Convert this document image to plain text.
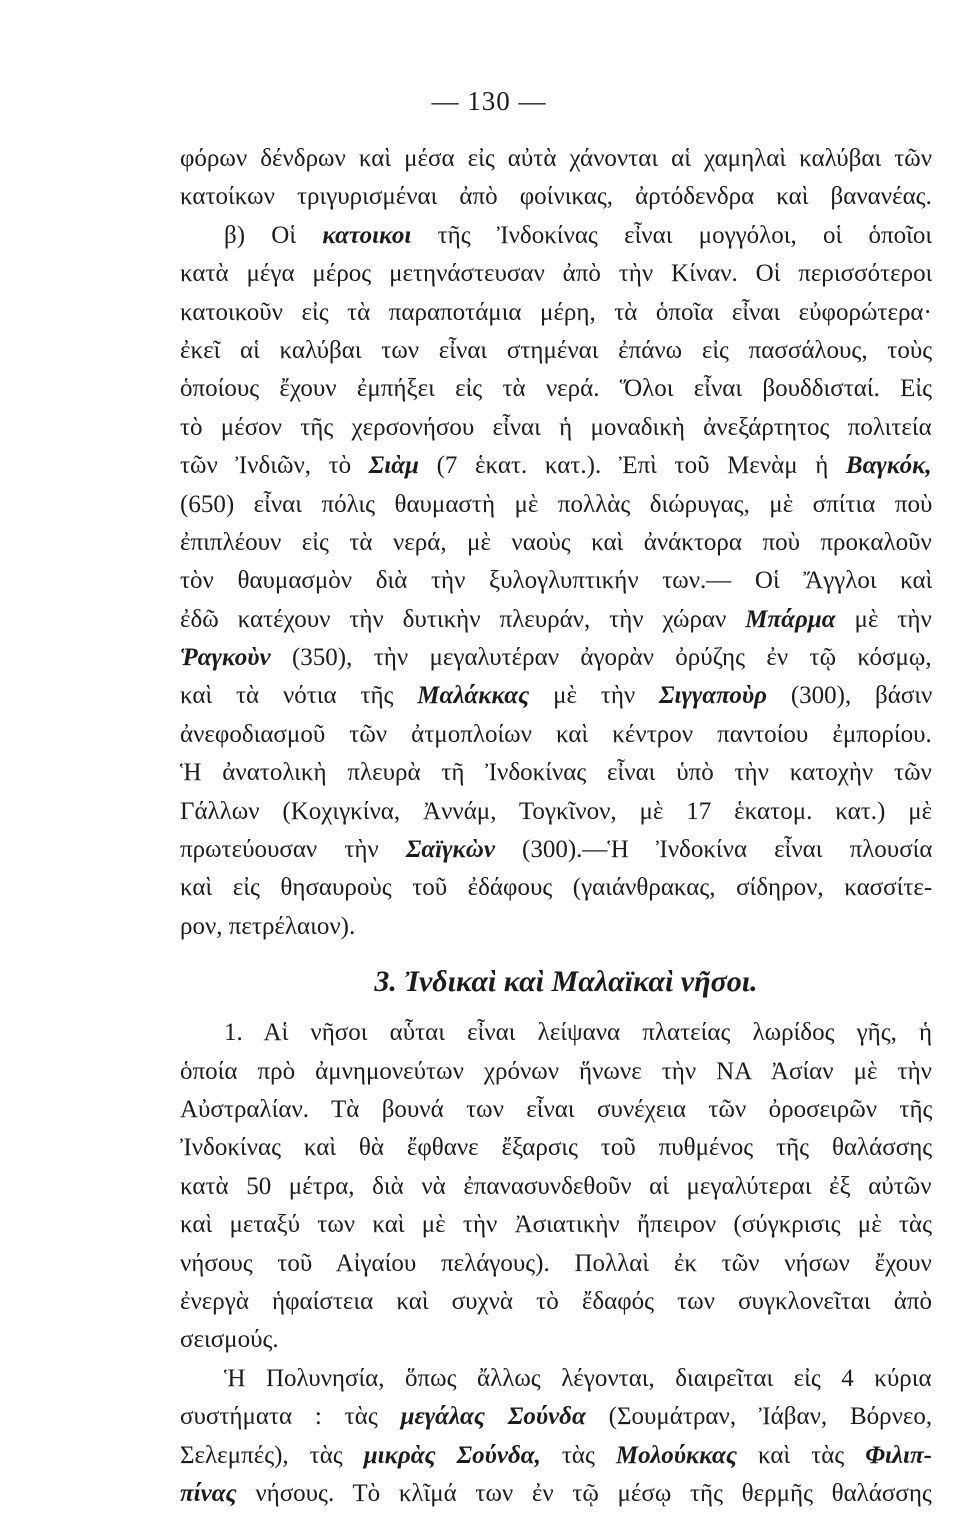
— 130 —
φόρων δένδρων καὶ μέσα εἰς αὐτὰ χάνονται αἱ χαμηλαὶ καλύβαι τῶν
κατοίκων τριγυρισμέναι ἀπὸ φοίνικας, ἀρτόδενδρα καὶ βανανέας.
β) Οἱ κατοικοι τῆς Ἰνδοκίνας εἶναι μογγόλοι, οἱ ὁποῖοι
κατὰ μέγα μέρος μετηνάστευσαν ἀπὸ τὴν Κίναν. Οἱ περισσότεροι
κατοικοῦν εἰς τὰ παραποτάμια μέρη, τὰ ὁποῖα εἶναι εὐφορώτερα·
ἐκεῖ αἱ καλύβαι των εἶναι στημέναι ἐπάνω εἰς πασσάλους, τοὺς
ὁποίους ἔχουν ἐμπήξει εἰς τὰ νερά. Ὅλοι εἶναι βουδδισταί. Εἰς
τὸ μέσον τῆς χερσονήσου εἶναι ἡ μοναδικὴ ἀνεξάρτητος πολιτεία
τῶν Ἰνδιῶν, τὸ Σιὰμ (7 ἑκατ. κατ.). Ἐπὶ τοῦ Μενὰμ ἡ Βαγκόκ,
(650) εἶναι πόλις θαυμαστὴ μὲ πολλὰς διώρυγας, μὲ σπίτια ποὺ
ἐπιπλέουν εἰς τὰ νερά, μὲ ναοὺς καὶ ἀνάκτορα ποὺ προκαλοῦν
τὸν θαυμασμὸν διὰ τὴν ξυλογλυπτικήν των.— Οἱ Ἄγγλοι καὶ
ἐδῶ κατέχουν τὴν δυτικὴν πλευράν, τὴν χώραν Μπάρμα μὲ τὴν
Ῥαγκοὺν (350), τὴν μεγαλυτέραν ἀγορὰν ὀρύζης ἐν τῷ κόσμῳ,
καὶ τὰ νότια τῆς Μαλάκκας μὲ τὴν Σιγγαποὺρ (300), βάσιν
ἀνεφοδιασμοῦ τῶν ἀτμοπλοίων καὶ κέντρον παντοίου ἐμπορίου.
Ἡ ἀνατολικὴ πλευρὰ τῆ Ἰνδοκίνας εἶναι ὑπὸ τὴν κατοχὴν τῶν
Γάλλων (Κοχιγκίνα, Ἀννάμ, Τογκῖνον, μὲ 17 ἑκατομ. κατ.) μὲ
πρωτεύουσαν τὴν Σαϊγκὼν (300).—Ἡ Ἰνδοκίνα εἶναι πλουσία
καὶ εἰς θησαυροὺς τοῦ ἐδάφους (γαιάνθρακας, σίδηρον, κασσίτε-
ρον, πετρέλαιον).
3. Ἰνδικαὶ καὶ Μαλαϊκαὶ νῆσοι.
1. Αἱ νῆσοι αὗται εἶναι λείψανα πλατείας λωρίδος γῆς, ἡ
ὁποία πρὸ ἀμνημονεύτων χρόνων ἥνωνε τὴν ΝΑ Ἀσίαν μὲ τὴν
Αὐστραλίαν. Τὰ βουνά των εἶναι συνέχεια τῶν ὀροσειρῶν τῆς
Ἰνδοκίνας καὶ θὰ ἔφθανε ἔξαρσις τοῦ πυθμένος τῆς θαλάσσης
κατὰ 50 μέτρα, διὰ νὰ ἐπανασυνδεθοῦν αἱ μεγαλύτεραι ἐξ αὐτῶν
καὶ μεταξύ των καὶ μὲ τὴν Ἀσιατικὴν ἤπειρον (σύγκρισις μὲ τὰς
νήσους τοῦ Αἰγαίου πελάγους). Πολλαὶ ἐκ τῶν νήσων ἔχουν
ἐνεργὰ ἡφαίστεια καὶ συχνὰ τὸ ἔδαφός των συγκλονεῖται ἀπὸ
σεισμούς.
Ἡ Πολυνησία, ὅπως ἄλλως λέγονται, διαιρεῖται εἰς 4 κύρια
συστήματα : τὰς μεγάλας Σούνδα (Σουμάτραν, Ἰάβαν, Βόρνεο,
Σελεμπές), τὰς μικρὰς Σούνδα, τὰς Μολούκκας καὶ τὰς Φιλιπ-
πίνας νήσους. Τὸ κλῖμά των ἐν τῷ μέσῳ τῆς θερμῆς θαλάσσης
